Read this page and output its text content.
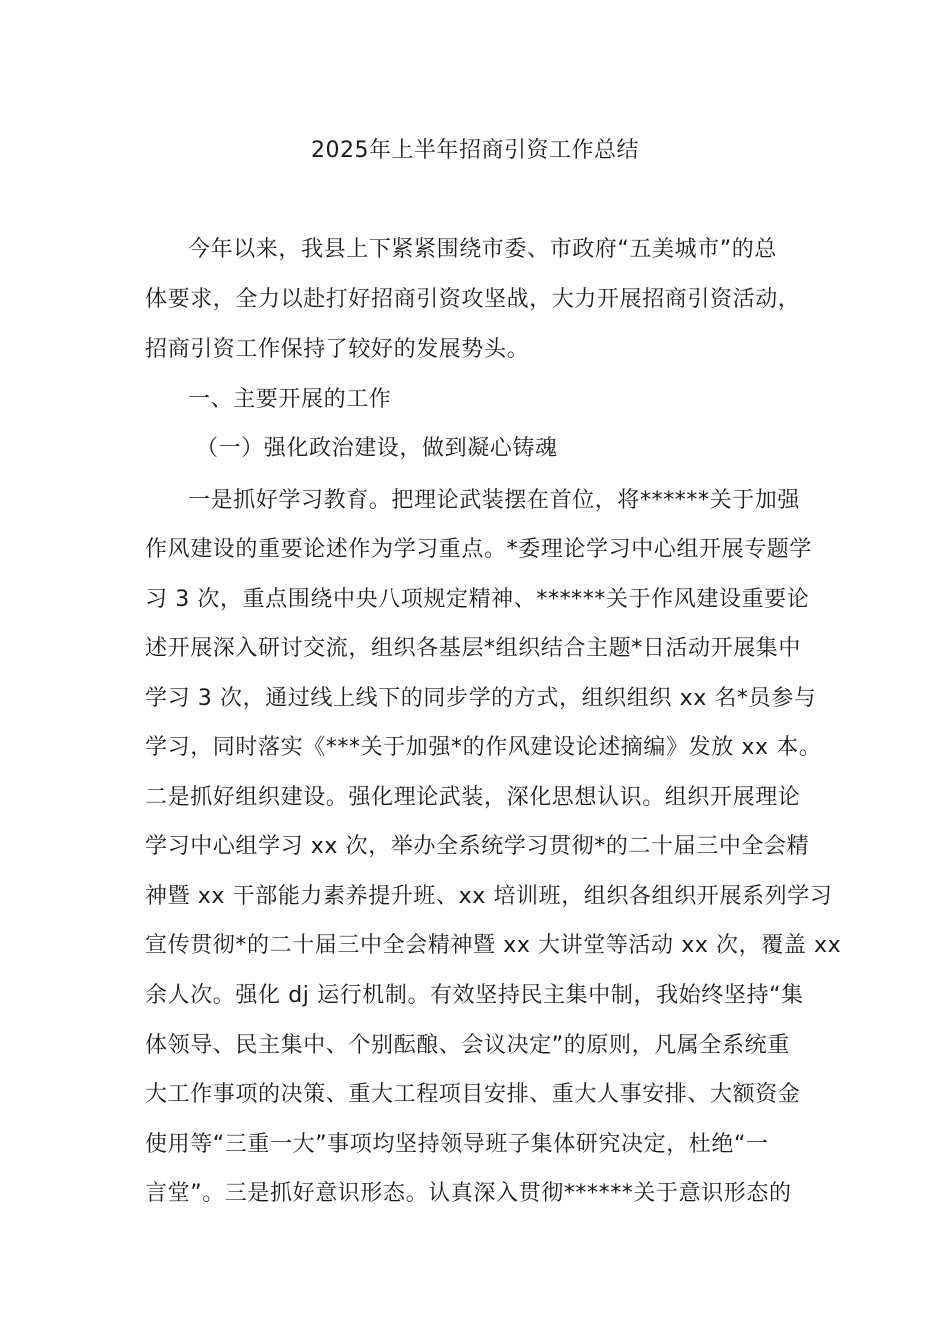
2025年上半年招商引资工作总结
今年以来，我县上下紧紧围绕市委、市政府“五美城市”的总
体要求，全力以赴打好招商引资攻坚战，大力开展招商引资活动，
招商引资工作保持了较好的发展势头。
一、主要开展的工作
（一）强化政治建设，做到凝心铸魂
一是抓好学习教育。把理论武装摆在首位，将******关于加强
作风建设的重要论述作为学习重点。*委理论学习中心组开展专题学
习 3 次，重点围绕中央八项规定精神、******关于作风建设重要论
述开展深入研讨交流，组织各基层*组织结合主题*日活动开展集中
学习 3 次，通过线上线下的同步学的方式，组织组织 xx 名*员参与
学习，同时落实《***关于加强*的作风建设论述摘编》发放 xx 本。
二是抓好组织建设。强化理论武装，深化思想认识。组织开展理论
学习中心组学习 xx 次，举办全系统学习贯彻*的二十届三中全会精
神暨 xx 干部能力素养提升班、xx 培训班，组织各组织开展系列学习
宣传贯彻*的二十届三中全会精神暨 xx 大讲堂等活动 xx 次，覆盖 xx
余人次。强化 dj 运行机制。有效坚持民主集中制，我始终坚持“集
体领导、民主集中、个别酝酿、会议决定”的原则，凡属全系统重
大工作事项的决策、重大工程项目安排、重大人事安排、大额资金
使用等“三重一大”事项均坚持领导班子集体研究决定，杜绝“一
言堂”。三是抓好意识形态。认真深入贯彻******关于意识形态的
